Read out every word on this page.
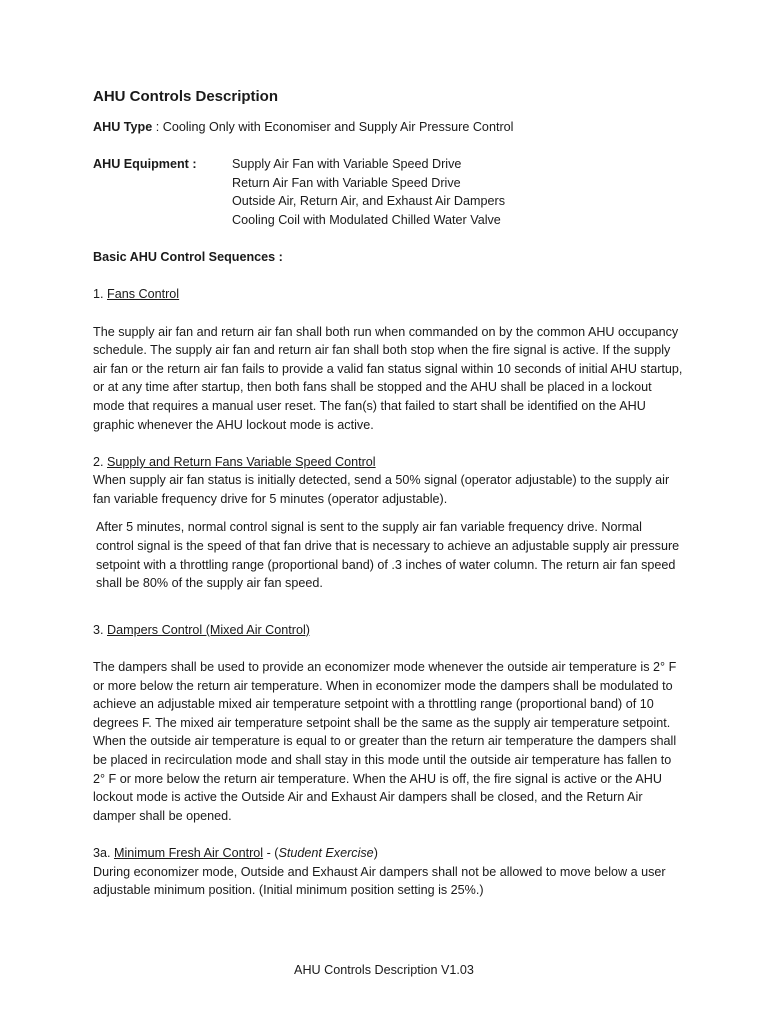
AHU Controls Description

AHU Type : Cooling Only with Economiser and Supply Air Pressure Control

AHU Equipment :	Supply Air Fan with Variable Speed Drive
Return Air Fan with Variable Speed Drive
Outside Air, Return Air, and Exhaust Air Dampers
Cooling Coil with Modulated Chilled Water Valve

Basic AHU Control Sequences :

1. Fans Control

The supply air fan and return air fan shall both run when commanded on by the common AHU occupancy schedule. The supply air fan and return air fan shall both stop when the fire signal is active. If the supply air fan or the return air fan fails to provide a valid fan status signal within 10 seconds of initial AHU startup, or at any time after startup, then both fans shall be stopped and the AHU shall be placed in a lockout mode that requires a manual user reset. The fan(s) that failed to start shall be identified on the AHU graphic whenever the AHU lockout mode is active.

2. Supply and Return Fans Variable Speed Control

When supply air fan status is initially detected, send a 50% signal (operator adjustable) to the supply air fan variable frequency drive for 5 minutes (operator adjustable).

After 5 minutes, normal control signal is sent to the supply air fan variable frequency drive. Normal control signal is the speed of that fan drive that is necessary to achieve an adjustable supply air pressure setpoint with a throttling range (proportional band) of .3 inches of water column. The return air fan speed shall be 80% of the supply air fan speed.

3. Dampers Control (Mixed Air Control)

The dampers shall be used to provide an economizer mode whenever the outside air temperature is 2° F or more below the return air temperature. When in economizer mode the dampers shall be modulated to achieve an adjustable mixed air temperature setpoint with a throttling range (proportional band) of 10 degrees F. The mixed air temperature setpoint shall be the same as the supply air temperature setpoint. When the outside air temperature is equal to or greater than the return air temperature the dampers shall be placed in recirculation mode and shall stay in this mode until the outside air temperature has fallen to 2° F or more below the return air temperature. When the AHU is off, the fire signal is active or the AHU lockout mode is active the Outside Air and Exhaust Air dampers shall be closed, and the Return Air damper shall be opened.

3a. Minimum Fresh Air Control - (Student Exercise)

During economizer mode, Outside and Exhaust Air dampers shall not be allowed to move below a user adjustable minimum position. (Initial minimum position setting is 25%.)

AHU Controls Description V1.03
